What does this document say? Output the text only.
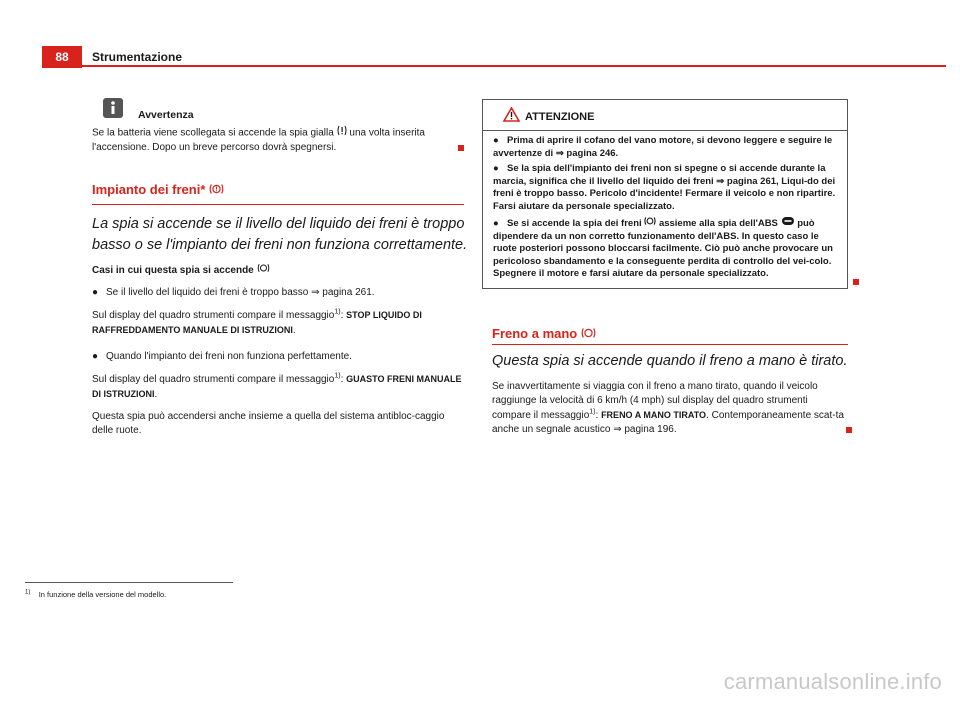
88	Strumentazione
Avvertenza

Se la batteria viene scollegata si accende la spia gialla una volta inserita l'accensione. Dopo un breve percorso dovrà spegnersi.

Impianto dei freni*
La spia si accende se il livello del liquido dei freni è troppo basso o se l'impianto dei freni non funziona correttamente.

Casi in cui questa spia si accende

● Se il livello del liquido dei freni è troppo basso ⇒ pagina 261.

Sul display del quadro strumenti compare il messaggio$^{1)}$: STOP LIQUIDO DI RAFFREDDAMENTO MANUALE DI ISTRUZIONI.

● Quando l'impianto dei freni non funziona perfettamente.

Sul display del quadro strumenti compare il messaggio$^{1)}$: GUASTO FRENI MANUALE DI ISTRUZIONI.

Questa spia può accendersi anche insieme a quella del sistema antibloc-caggio delle ruote.

ATTENZIONE

● Prima di aprire il cofano del vano motore, si devono leggere e seguire le avvertenze di ⇒ pagina 246.

● Se la spia dell'impianto dei freni non si spegne o si accende durante la marcia, significa che il livello del liquido dei freni ⇒ pagina 261, Liqui-do dei freni è troppo basso. Pericolo d'incidente! Fermare il veicolo e non ripartire. Farsi aiutare da personale specializzato.

● Se si accende la spia dei freni assieme alla spia dell'ABS può dipendere da un non corretto funzionamento dell'ABS. In questo caso le ruote posteriori possono bloccarsi facilmente. Ciò può anche provocare un pericoloso sbandamento e la conseguente perdita di controllo del vei-colo. Spegnere il motore e farsi aiutare da personale specializzato.

Freno a mano
Questa spia si accende quando il freno a mano è tirato.

Se inavvertitamente si viaggia con il freno a mano tirato, quando il veicolo raggiunge la velocità di 6 km/h (4 mph) sul display del quadro strumenti compare il messaggio$^{1)}$: FRENO A MANO TIRATO. Contemporaneamente scat-ta anche un segnale acustico ⇒ pagina 196.

$^{1)}$ In funzione della versione del modello.
carmanualsonline.info
